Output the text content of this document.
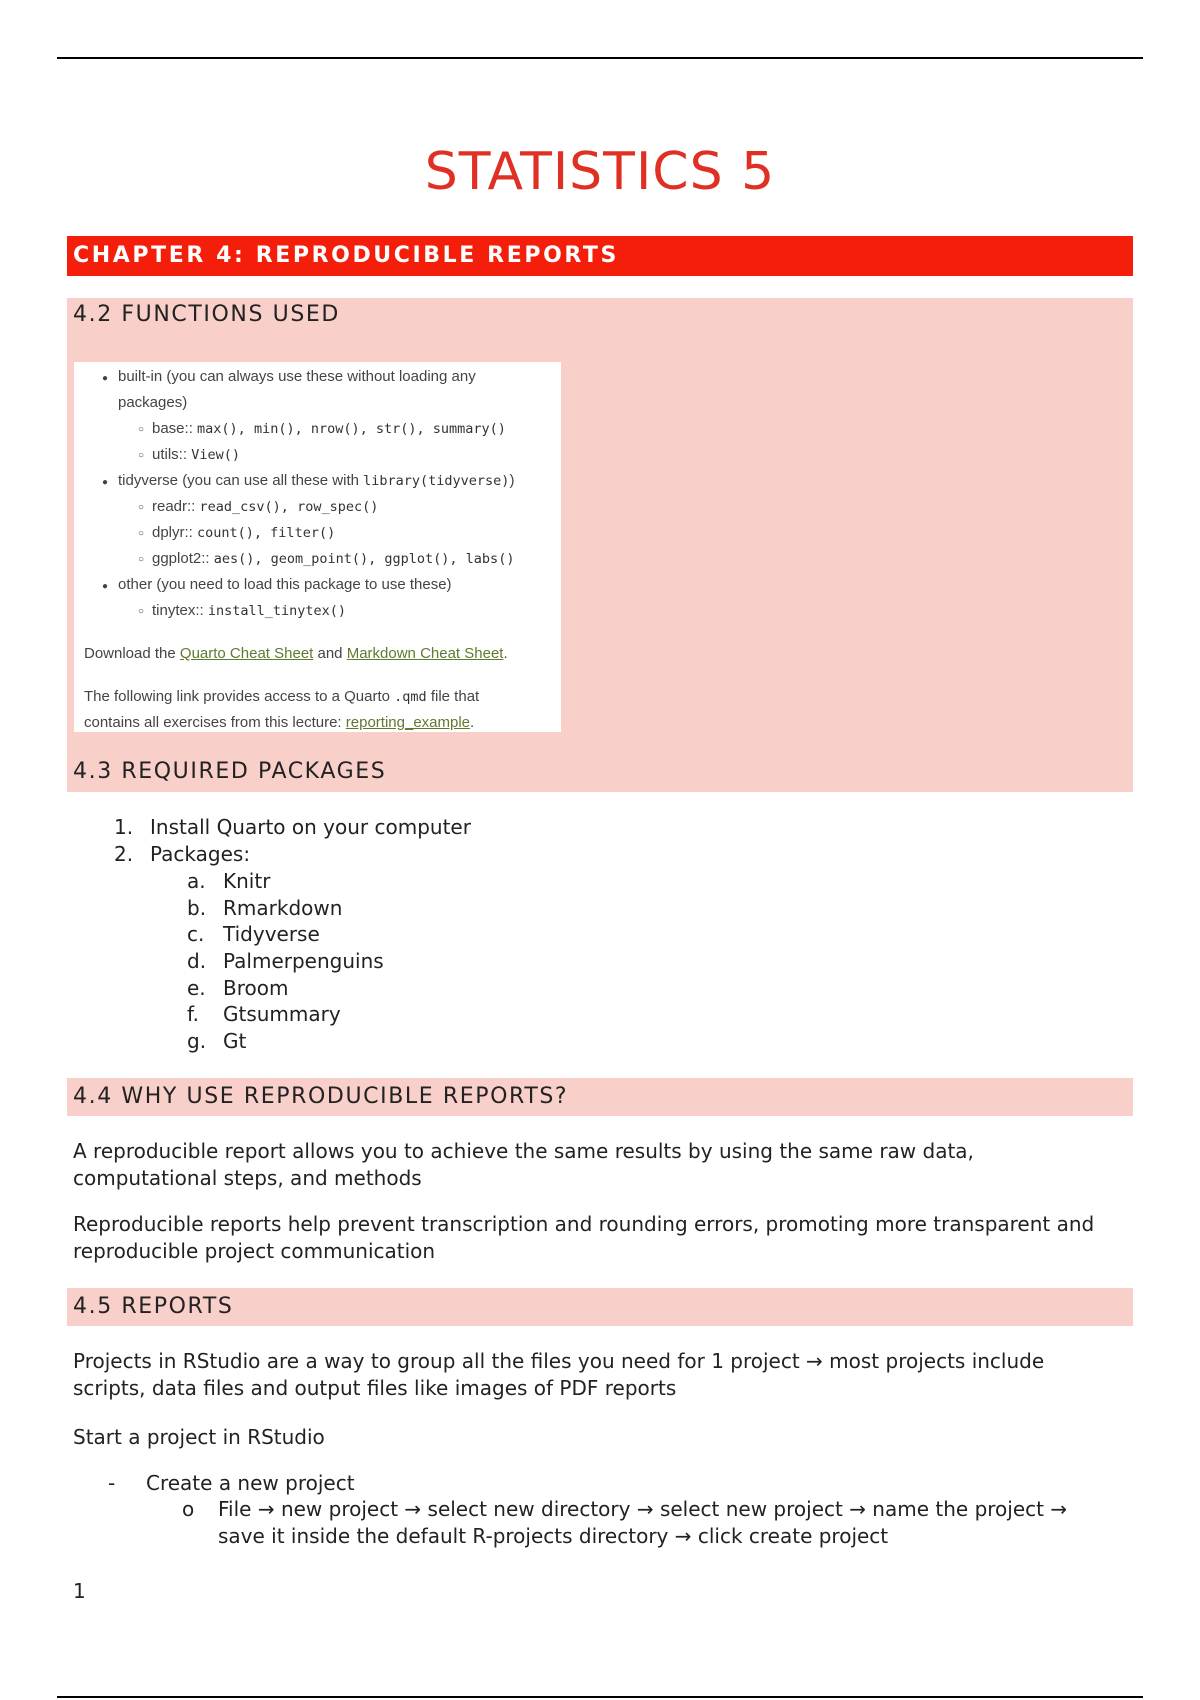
STATISTICS 5
CHAPTER 4: REPRODUCIBLE REPORTS
4.2 FUNCTIONS USED
● built-in (you can always use these without loading any
packages)
○ base:: max(), min(), nrow(), str(), summary()
○ utils:: View()
● tidyverse (you can use all these with library(tidyverse))
○ readr:: read_csv(), row_spec()
○ dplyr:: count(), filter()
○ ggplot2:: aes(), geom_point(), ggplot(), labs()
● other (you need to load this package to use these)
○ tinytex:: install_tinytex()
Download the Quarto Cheat Sheet and Markdown Cheat Sheet.
The following link provides access to a Quarto .qmd file that
contains all exercises from this lecture: reporting_example.
4.3 REQUIRED PACKAGES
1. Install Quarto on your computer
2. Packages:
a. Knitr
b. Rmarkdown
c. Tidyverse
d. Palmerpenguins
e. Broom
f. Gtsummary
g. Gt
4.4 WHY USE REPRODUCIBLE REPORTS?
A reproducible report allows you to achieve the same results by using the same raw data,
computational steps, and methods
Reproducible reports help prevent transcription and rounding errors, promoting more transparent and
reproducible project communication
4.5 REPORTS
Projects in RStudio are a way to group all the files you need for 1 project → most projects include
scripts, data files and output files like images of PDF reports
Start a project in RStudio
- Create a new project
o File → new project → select new directory → select new project → name the project →
save it inside the default R-projects directory → click create project
1
